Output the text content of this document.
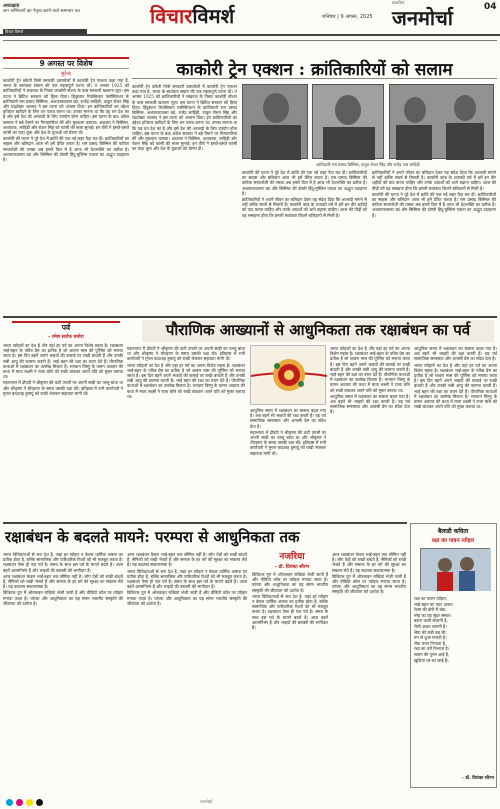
अध्यक्षता
जन अभियानों का नेतृत्व करने वाले समाचार पत्र
विचार विमर्श
विचारविमर्श	शनिवार | 9 अगस्त, 2025
प्रकाशित
जनमोर्चा	04
9 अगस्त पर विशेष
सुरेन्द्र

काकोरी ट्रेन डकैती जिसे सरकारी दस्तावेजों में काकोरी ट्रेन एक्शन कहा गया है, भारत के स्वतंत्रता संग्राम की एक महत्वपूर्ण घटना थी। 9 अगस्त 1925 को क्रांतिकारियों ने लखनऊ के निकट काकोरी स्टेशन के पास सरकारी खजाना लूटा। इस घटना ने ब्रिटिश सरकार को हिला दिया। हिंदुस्तान रिपब्लिकन एसोसिएशन के क्रांतिकारी राम प्रसाद बिस्मिल, अशफाकउल्ला खां, राजेंद्र लाहिड़ी, ठाकुर रोशन सिंह और चंद्रशेखर आजाद ने इस घटना को अंजाम दिया। इन क्रांतिकारियों का उद्देश्य हथियार खरीदने के लिए धन एकत्र करना था। उनका मानना था कि यह धन देश का है और इसे देश की आजादी के लिए उपयोग होना चाहिए। इस घटना के बाद अंग्रेज सरकार ने बड़े पैमाने पर गिरफ्तारियां कीं और मुकदमा चलाया। अदालत ने बिस्मिल, अशफाक, लाहिड़ी और रोशन सिंह को फांसी की सजा सुनाई। इन वीरों ने हंसते-हंसते फांसी का फंदा चूमा और देश के युवाओं को प्रेरणा दी।

काकोरी की घटना ने पूरे देश में क्रांति की एक नई लहर पैदा कर दी। क्रांतिकारियों का साहस और बलिदान आज भी हमें प्रेरित करता है। राम प्रसाद बिस्मिल की कविता सरफरोशी की तमन्ना अब हमारे दिल में है आज भी देशभक्ति का प्रतीक है। अशफाकउल्ला खां और बिस्मिल की दोस्ती हिंदू-मुस्लिम एकता का अद्भुत उदाहरण है।

काकोरी ट्रेन एक्शन : क्रांतिकारियों को सलाम
क्रांतिकारी राम प्रसाद बिस्मिल, ठाकुर रोशन सिंह और राजेंद्र नाथ लाहिड़ी

काकोरी ट्रेन डकैती जिसे सरकारी दस्तावेजों में काकोरी ट्रेन एक्शन कहा गया है, भारत के स्वतंत्रता संग्राम की एक महत्वपूर्ण घटना थी। 9 अगस्त 1925 को क्रांतिकारियों ने लखनऊ के निकट काकोरी स्टेशन के पास सरकारी खजाना लूटा। इस घटना ने ब्रिटिश सरकार को हिला दिया। हिंदुस्तान रिपब्लिकन एसोसिएशन के क्रांतिकारी राम प्रसाद बिस्मिल, अशफाकउल्ला खां, राजेंद्र लाहिड़ी, ठाकुर रोशन सिंह और चंद्रशेखर आजाद ने इस घटना को अंजाम दिया। इन क्रांतिकारियों का उद्देश्य हथियार खरीदने के लिए धन एकत्र करना था। उनका मानना था कि यह धन देश का है और इसे देश की आजादी के लिए उपयोग होना चाहिए। इस घटना के बाद अंग्रेज सरकार ने बड़े पैमाने पर गिरफ्तारियां कीं और मुकदमा चलाया। अदालत ने बिस्मिल, अशफाक, लाहिड़ी और रोशन सिंह को फांसी की सजा सुनाई। इन वीरों ने हंसते-हंसते फांसी का फंदा चूमा और देश के युवाओं को प्रेरणा दी।

काकोरी की घटना ने पूरे देश में क्रांति की एक नई लहर पैदा कर दी। क्रांतिकारियों का साहस और बलिदान आज भी हमें प्रेरित करता है। राम प्रसाद बिस्मिल की कविता सरफरोशी की तमन्ना अब हमारे दिल में है आज भी देशभक्ति का प्रतीक है। अशफाकउल्ला खां और बिस्मिल की दोस्ती हिंदू-मुस्लिम एकता का अद्भुत उदाहरण है।

क्रांतिकारियों ने अपने जीवन का बलिदान देकर यह संदेश दिया कि आजादी मांगने से नहीं बल्कि संघर्ष से मिलती है। काकोरी कांड के शताब्दी वर्ष में हमें इन वीर शहीदों को याद करना चाहिए और उनके आदर्शों को आगे बढ़ाना चाहिए। आज की पीढ़ी को यह समझना होगा कि हमारी स्वतंत्रता कितने बलिदानों से मिली है।

क्रांतिकारियों ने अपने जीवन का बलिदान देकर यह संदेश दिया कि आजादी मांगने से नहीं बल्कि संघर्ष से मिलती है। काकोरी कांड के शताब्दी वर्ष में हमें इन वीर शहीदों को याद करना चाहिए और उनके आदर्शों को आगे बढ़ाना चाहिए। आज की पीढ़ी को यह समझना होगा कि हमारी स्वतंत्रता कितने बलिदानों से मिली है।

काकोरी की घटना ने पूरे देश में क्रांति की एक नई लहर पैदा कर दी। क्रांतिकारियों का साहस और बलिदान आज भी हमें प्रेरित करता है। राम प्रसाद बिस्मिल की कविता सरफरोशी की तमन्ना अब हमारे दिल में है आज भी देशभक्ति का प्रतीक है। अशफाकउल्ला खां और बिस्मिल की दोस्ती हिंदू-मुस्लिम एकता का अद्भुत उदाहरण है।

पर्व
- रमेश सर्राफ धमोरा	पौराणिक आख्यानों से आधुनिकता तक रक्षाबंधन का पर्व

भारत त्योहारों का देश है और यहां हर पर्व का अपना विशेष महत्व है। रक्षाबंधन भाई-बहन के पवित्र प्रेम का प्रतीक है जो श्रावण मास की पूर्णिमा को मनाया जाता है। इस दिन बहनें अपने भाइयों की कलाई पर राखी बांधती हैं और उनकी लंबी आयु की कामना करती हैं। भाई बहन की रक्षा का वचन देते हैं। पौराणिक कथाओं में रक्षाबंधन का उल्लेख मिलता है। भगवान विष्णु के वामन अवतार की कथा में माता लक्ष्मी ने राजा बलि को राखी बांधकर अपने पति को मुक्त कराया था।

महाभारत में द्रौपदी ने श्रीकृष्ण की कटी उंगली पर अपनी साड़ी का पल्लू बांधा था और श्रीकृष्ण ने चीरहरण के समय उसकी रक्षा की। इतिहास में रानी कर्णावती ने मुगल बादशाह हुमायूं को राखी भेजकर सहायता मांगी थी।

महाभारत में द्रौपदी ने श्रीकृष्ण की कटी उंगली पर अपनी साड़ी का पल्लू बांधा था और श्रीकृष्ण ने चीरहरण के समय उसकी रक्षा की। इतिहास में रानी कर्णावती ने मुगल बादशाह हुमायूं को राखी भेजकर सहायता मांगी थी।

भारत त्योहारों का देश है और यहां हर पर्व का अपना विशेष महत्व है। रक्षाबंधन भाई-बहन के पवित्र प्रेम का प्रतीक है जो श्रावण मास की पूर्णिमा को मनाया जाता है। इस दिन बहनें अपने भाइयों की कलाई पर राखी बांधती हैं और उनकी लंबी आयु की कामना करती हैं। भाई बहन की रक्षा का वचन देते हैं। पौराणिक कथाओं में रक्षाबंधन का उल्लेख मिलता है। भगवान विष्णु के वामन अवतार की कथा में माता लक्ष्मी ने राजा बलि को राखी बांधकर अपने पति को मुक्त कराया था।

आधुनिक समय में रक्षाबंधन का स्वरूप बदल गया है। अब बहनें भी भाइयों की रक्षा करती हैं। यह पर्व सामाजिक समरसता और आपसी प्रेम का संदेश देता है।

महाभारत में द्रौपदी ने श्रीकृष्ण की कटी उंगली पर अपनी साड़ी का पल्लू बांधा था और श्रीकृष्ण ने चीरहरण के समय उसकी रक्षा की। इतिहास में रानी कर्णावती ने मुगल बादशाह हुमायूं को राखी भेजकर सहायता मांगी थी।

भारत त्योहारों का देश है और यहां हर पर्व का अपना विशेष महत्व है। रक्षाबंधन भाई-बहन के पवित्र प्रेम का प्रतीक है जो श्रावण मास की पूर्णिमा को मनाया जाता है। इस दिन बहनें अपने भाइयों की कलाई पर राखी बांधती हैं और उनकी लंबी आयु की कामना करती हैं। भाई बहन की रक्षा का वचन देते हैं। पौराणिक कथाओं में रक्षाबंधन का उल्लेख मिलता है। भगवान विष्णु के वामन अवतार की कथा में माता लक्ष्मी ने राजा बलि को राखी बांधकर अपने पति को मुक्त कराया था।

आधुनिक समय में रक्षाबंधन का स्वरूप बदल गया है। अब बहनें भी भाइयों की रक्षा करती हैं। यह पर्व सामाजिक समरसता और आपसी प्रेम का संदेश देता है।

आधुनिक समय में रक्षाबंधन का स्वरूप बदल गया है। अब बहनें भी भाइयों की रक्षा करती हैं। यह पर्व सामाजिक समरसता और आपसी प्रेम का संदेश देता है।

भारत त्योहारों का देश है और यहां हर पर्व का अपना विशेष महत्व है। रक्षाबंधन भाई-बहन के पवित्र प्रेम का प्रतीक है जो श्रावण मास की पूर्णिमा को मनाया जाता है। इस दिन बहनें अपने भाइयों की कलाई पर राखी बांधती हैं और उनकी लंबी आयु की कामना करती हैं। भाई बहन की रक्षा का वचन देते हैं। पौराणिक कथाओं में रक्षाबंधन का उल्लेख मिलता है। भगवान विष्णु के वामन अवतार की कथा में माता लक्ष्मी ने राजा बलि को राखी बांधकर अपने पति को मुक्त कराया था।

रक्षाबंधन के बदलते मायने: परम्परा से आधुनिकता तक
नजरिया
- डॉ. प्रियंका सौरभ

भारत विविधताओं से भरा देश है, जहां हर त्योहार न केवल धार्मिक आस्था का प्रतीक होता है, बल्कि सामाजिक और पारिवारिक रिश्तों को भी मजबूत करता है। रक्षाबंधन ऐसा ही एक पर्व है। समय के साथ इस पर्व के मायने बदले हैं। आज बहनें आत्मनिर्भर हैं और भाइयों की बराबरी की भागीदार हैं।

आज रक्षाबंधन केवल भाई-बहन तक सीमित नहीं है। लोग पेड़ों को राखी बांधते हैं, सैनिकों को राखी भेजते हैं और समाज के हर वर्ग की सुरक्षा का संकल्प लेते हैं। यह बदलाव सकारात्मक है।

डिजिटल युग में ऑनलाइन राखियां भेजी जाती हैं और वीडियो कॉल पर त्योहार मनाया जाता है। परंपरा और आधुनिकता का यह संगम भारतीय संस्कृति की जीवंतता को दर्शाता है।

आज रक्षाबंधन केवल भाई-बहन तक सीमित नहीं है। लोग पेड़ों को राखी बांधते हैं, सैनिकों को राखी भेजते हैं और समाज के हर वर्ग की सुरक्षा का संकल्प लेते हैं। यह बदलाव सकारात्मक है।

भारत विविधताओं से भरा देश है, जहां हर त्योहार न केवल धार्मिक आस्था का प्रतीक होता है, बल्कि सामाजिक और पारिवारिक रिश्तों को भी मजबूत करता है। रक्षाबंधन ऐसा ही एक पर्व है। समय के साथ इस पर्व के मायने बदले हैं। आज बहनें आत्मनिर्भर हैं और भाइयों की बराबरी की भागीदार हैं।

डिजिटल युग में ऑनलाइन राखियां भेजी जाती हैं और वीडियो कॉल पर त्योहार मनाया जाता है। परंपरा और आधुनिकता का यह संगम भारतीय संस्कृति की जीवंतता को दर्शाता है।

डिजिटल युग में ऑनलाइन राखियां भेजी जाती हैं और वीडियो कॉल पर त्योहार मनाया जाता है। परंपरा और आधुनिकता का यह संगम भारतीय संस्कृति की जीवंतता को दर्शाता है।

भारत विविधताओं से भरा देश है, जहां हर त्योहार न केवल धार्मिक आस्था का प्रतीक होता है, बल्कि सामाजिक और पारिवारिक रिश्तों को भी मजबूत करता है। रक्षाबंधन ऐसा ही एक पर्व है। समय के साथ इस पर्व के मायने बदले हैं। आज बहनें आत्मनिर्भर हैं और भाइयों की बराबरी की भागीदार हैं।

आज रक्षाबंधन केवल भाई-बहन तक सीमित नहीं है। लोग पेड़ों को राखी बांधते हैं, सैनिकों को राखी भेजते हैं और समाज के हर वर्ग की सुरक्षा का संकल्प लेते हैं। यह बदलाव सकारात्मक है।

डिजिटल युग में ऑनलाइन राखियां भेजी जाती हैं और वीडियो कॉल पर त्योहार मनाया जाता है। परंपरा और आधुनिकता का यह संगम भारतीय संस्कृति की जीवंतता को दर्शाता है।

बैलाडी कविता
रक्षा का पावन त्योहार
रक्षा का पावन त्योहार,
भाई-बहन का प्यार अपार।
रेशम की डोरी में बंधा,
स्नेह का यह सुंदर संसार।
बहना थाली सजाती है,
रोली अक्षत लगाती है।
भैया की लंबी उम्र की,
मन से दुआ मनाती है।
भैया वचन निभाता है,
रक्षा का धर्म निभाता है।
सावन की पूनम आई है,
खुशियां घर-घर छाई हैं।
- डॉ. प्रियंका सौरभ
जनमोर्चा
